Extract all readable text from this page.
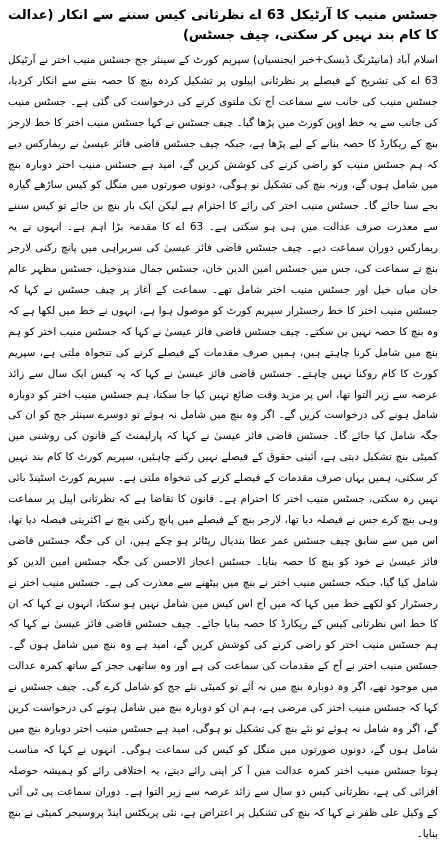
جسٹس منیب کا آرٹیکل 63 اے نظرثانی کیس سننے سے انکار (عدالت کا کام بند نہیں کر سکتی، چیف جسٹس)

اسلام آباد (مانیٹرنگ ڈیسک+خبر ایجنسیاں) سپریم کورٹ کے سینئر جج جسٹس منیب اختر نے آرٹیکل 63 اے کی تشریح کے فیصلے پر نظرثانی اپیلوں پر تشکیل کردہ بنچ کا حصہ بننے سے انکار کردیا، جسٹس منیب کی جانب سے سماعت آج تک ملتوی کرنے کی درخواست کی گئی ہے۔ جسٹس منیب کی جانب سے یہ خط اوپن کورٹ میں پڑھا گیا۔ چیف جسٹس نے کہا جسٹس منیب اختر کا خط لارجر بنچ کے ریکارڈ کا حصہ بنانے کے لیے پڑھا ہے، جبکہ چیف جسٹس قاضی فائز عیسیٰ نے ریمارکس دیے کہ ہم جسٹس منیب کو راضی کرنے کی کوشش کریں گے، امید ہے جسٹس منیب اختر دوبارہ بنچ میں شامل ہوں گے، ورنہ بنچ کی تشکیل نو ہوگی، دونوں صورتوں میں منگل کو کیس ساڑھے گیارہ بجے سنا جائے گا۔ جسٹس منیب اختر کی رائے کا احترام ہے لیکن ایک بار بنچ بن جائے تو کیس سننے سے معذرت صرف عدالت میں ہی ہو سکتی ہے۔ 63 اے کا مقدمہ بڑا اہم ہے۔ انہوں نے یہ ریمارکس دوران سماعت دیے۔ چیف جسٹس قاضی فائز عیسیٰ کی سربراہی میں پانچ رکنی لارجر بنچ نے سماعت کی، جس میں جسٹس امین الدین خان، جسٹس جمال مندوخیل، جسٹس مظہر عالم خان میاں خیل اور جسٹس منیب اختر شامل تھے۔ سماعت کے آغاز پر چیف جسٹس نے کہا کہ جسٹس منیب اختر کا خط رجسٹرار سپریم کورٹ کو موصول ہوا ہے، انہوں نے خط میں لکھا ہے کہ وہ بنچ کا حصہ نہیں بن سکتے۔ چیف جسٹس قاضی فائز عیسیٰ نے کہا کہ جسٹس منیب اختر کو ہم بنچ میں شامل کرنا چاہتے ہیں، ہمیں صرف مقدمات کے فیصلے کرنے کی تنخواہ ملتی ہے، سپریم کورٹ کا کام روکنا نہیں چاہتے۔ جسٹس قاضی فائز عیسیٰ نے کہا کہ یہ کیس ایک سال سے زائد عرصہ سے زیر التوا تھا، اس پر مزید وقت ضائع نہیں کیا جا سکتا، ہم جسٹس منیب اختر کو دوبارہ شامل ہونے کی درخواست کریں گے۔ اگر وہ بنچ میں شامل نہ ہوئے تو دوسرے سینئر جج کو ان کی جگہ شامل کیا جائے گا۔ جسٹس قاضی فائز عیسیٰ نے کہا کہ پارلیمنٹ کے قانون کی روشنی میں کمیٹی بنچ تشکیل دیتی ہے، آئینی حقوق کے فیصلے نہیں رکنے چاہئیں، سپریم کورٹ کا کام بند نہیں کر سکتی، ہمیں یہاں صرف مقدمات کے فیصلے کرنے کی تنخواہ ملتی ہے۔ سپریم کورٹ اسٹینڈ بائی نہیں رہ سکتی، جسٹس منیب اختر کا احترام ہے۔ قانون کا تقاضا ہے کہ نظرثانی اپیل پر سماعت وہی بنچ کرے جس نے فیصلہ دیا تھا، لارجر بنچ کے فیصلے میں پانچ رکنی بنچ نے اکثریتی فیصلہ دیا تھا، اس میں سے سابق چیف جسٹس عمر عطا بندیال ریٹائر ہو چکے ہیں، ان کی جگہ جسٹس قاضی فائز عیسیٰ نے خود کو بنچ کا حصہ بنایا۔ جسٹس اعجاز الاحسن کی جگہ جسٹس امین الدین کو شامل کیا گیا، جبکہ جسٹس منیب اختر نے بنچ میں بیٹھنے سے معذرت کی ہے۔ جسٹس منیب اختر نے رجسٹرار کو لکھے خط میں کہا کہ میں آج اس کیس میں شامل نہیں ہو سکتا، انہوں نے کہا کہ ان کا خط اس نظرثانی کیس کے ریکارڈ کا حصہ بنایا جائے۔ چیف جسٹس قاضی فائز عیسیٰ نے کہا کہ ہم جسٹس منیب اختر کو راضی کرنے کی کوشش کریں گے، امید ہے وہ بنچ میں شامل ہوں گے۔ جسٹس منیب اختر نے آج کے مقدمات کی سماعت کی ہے اور وہ ساتھی ججز کے ساتھ کمرہ عدالت میں موجود تھے، اگر وہ دوبارہ بنچ میں نہ آئے تو کمیٹی نئے جج کو شامل کرے گی۔ چیف جسٹس نے کہا کہ جسٹس منیب اختر کی مرضی ہے، ہم ان کو دوبارہ بنچ میں شامل ہونے کی درخواست کریں گے، اگر وہ شامل نہ ہوئے تو نئے بنچ کی تشکیل نو ہوگی، امید ہے جسٹس منیب اختر دوبارہ بنچ میں شامل ہوں گے، دونوں صورتوں میں منگل کو کیس کی سماعت ہوگی۔ انہوں نے کہا کہ مناسب ہوتا جسٹس منیب اختر کمرہ عدالت میں آ کر اپنی رائے دیتے، یہ اختلافی رائے کو ہمیشہ حوصلہ افزائی کی ہے، نظرثانی کیس دو سال سے زائد عرصہ سے زیر التوا ہے۔ دوران سماعت پی ٹی آئی کے وکیل علی ظفر نے کہا کہ بنچ کی تشکیل پر اعتراض ہے، نئی پریکٹس اینڈ پروسیجر کمیٹی نے بنچ بنایا۔
